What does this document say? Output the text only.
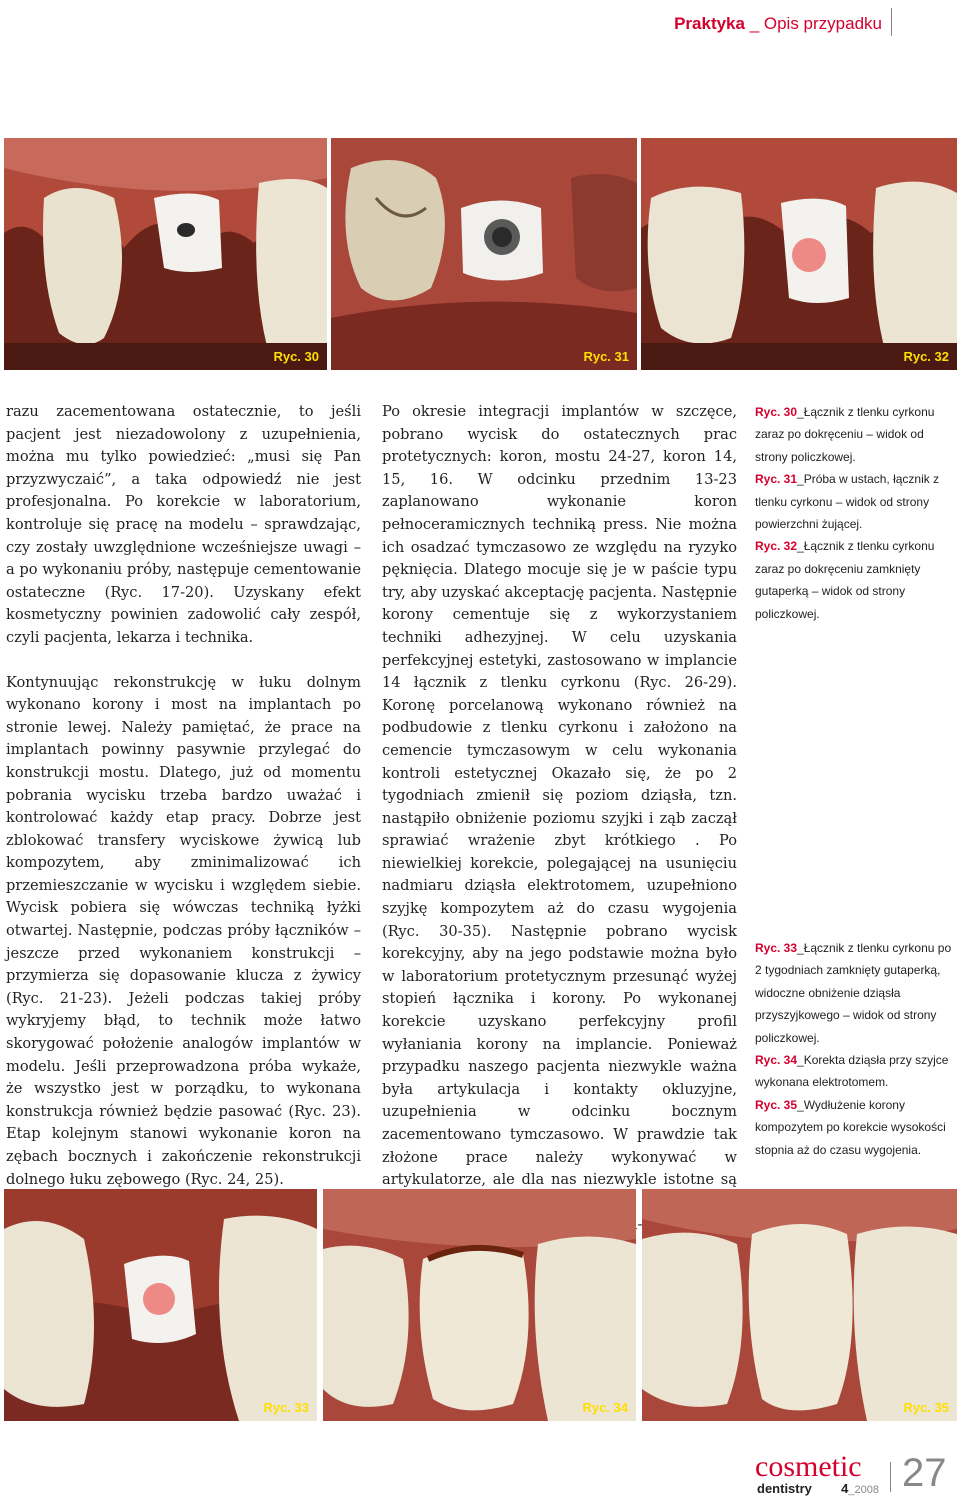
Praktyka _ Opis przypadku
Ryc. 30	Ryc. 31	Ryc. 32

razu zacementowana ostatecznie, to jeśli pacjent jest niezadowolony z uzupełnienia, można mu tylko powiedzieć: „musi się Pan przyzwyczaić”, a taka odpowiedź nie jest profesjonalna. Po korekcie w laboratorium, kontroluje się pracę na modelu – sprawdzając, czy zostały uwzględnione wcześniejsze uwagi – a po wykonaniu próby, następuje cementowanie ostateczne (Ryc. 17-20). Uzyskany efekt kosmetyczny powinien zadowolić cały zespół, czyli pacjenta, lekarza i technika.

Kontynuując rekonstrukcję w łuku dolnym wykonano korony i most na implantach po stronie lewej. Należy pamiętać, że prace na implantach powinny pasywnie przylegać do konstrukcji mostu. Dlatego, już od momentu pobrania wycisku trzeba bardzo uważać i kontrolować każdy etap pracy. Dobrze jest zblokować transfery wyciskowe żywicą lub kompozytem, aby zminimalizować ich przemieszczanie w wycisku i względem siebie. Wycisk pobiera się wówczas techniką łyżki otwartej. Następnie, podczas próby łączników – jeszcze przed wykonaniem konstrukcji – przymierza się dopasowanie klucza z żywicy (Ryc. 21-23). Jeżeli podczas takiej próby wykryjemy błąd, to technik może łatwo skorygować położenie analogów implantów w modelu. Jeśli przeprowadzona próba wykaże, że wszystko jest w porządku, to wykonana konstrukcja również będzie pasować (Ryc. 23). Etap kolejnym stanowi wykonanie koron na zębach bocznych i zakończenie rekonstrukcji dolnego łuku zębowego (Ryc. 24, 25).

Po okresie integracji implantów w szczęce, pobrano wycisk do ostatecznych prac protetycznych: koron, mostu 24-27, koron 14, 15, 16. W odcinku przednim 13-23 zaplanowano wykonanie koron pełnoceramicznych techniką press. Nie można ich osadzać tymczasowo ze względu na ryzyko pęknięcia. Dlatego mocuje się je w paście typu try, aby uzyskać akceptację pacjenta. Następnie korony cementuje się z wykorzystaniem techniki adhezyjnej. W celu uzyskania perfekcyjnej estetyki, zastosowano w implancie 14 łącznik z tlenku cyrkonu (Ryc. 26-29). Koronę porcelanową wykonano również na podbudowie z tlenku cyrkonu i założono na cemencie tymczasowym w celu wykonania kontroli estetycznej Okazało się, że po 2 tygodniach zmienił się poziom dziąsła, tzn. nastąpiło obniżenie poziomu szyjki i ząb zaczął sprawiać wrażenie zbyt krótkiego . Po niewielkiej korekcie, polegającej na usunięciu nadmiaru dziąsła elektrotomem, uzupełniono szyjkę kompozytem aż do czasu wygojenia (Ryc. 30-35). Następnie pobrano wycisk korekcyjny, aby na jego podstawie można było w laboratorium protetycznym przesunąć wyżej stopień łącznika i korony. Po wykonanej korekcie uzyskano perfekcyjny profil wyłaniania korony na implancie. Ponieważ przypadku naszego pacjenta niezwykle ważna była artykulacja i kontakty okluzyjne, uzupełnienia w odcinku bocznym zacementowano tymczasowo. W prawdzie tak złożone prace należy wykonywać w artykulatorze, ale dla nas niezwykle istotne są

Ryc. 30_Łącznik z tlenku cyrkonu zaraz po dokręceniu – widok od strony policzkowej.

Ryc. 31_Próba w ustach, łącznik z tlenku cyrkonu – widok od strony powierzchni żującej.

Ryc. 32_Łącznik z tlenku cyrkonu zaraz po dokręceniu zamknięty gutaperką – widok od strony policzkowej.

Ryc. 33_Łącznik z tlenku cyrkonu po 2 tygodniach zamknięty gutaperką, widoczne obniżenie dziąsła przyszyjkowego – widok od strony policzkowej.

Ryc. 34_Korekta dziąsła przy szyjce wykonana elektrotomem.

Ryc. 35_Wydłużenie korony kompozytem po korekcie wysokości stopnia aż do czasu wygojenia.

Ryc. 33	Ryc. 34	Ryc. 35
cosmetic
dentistry 4_2008 27
